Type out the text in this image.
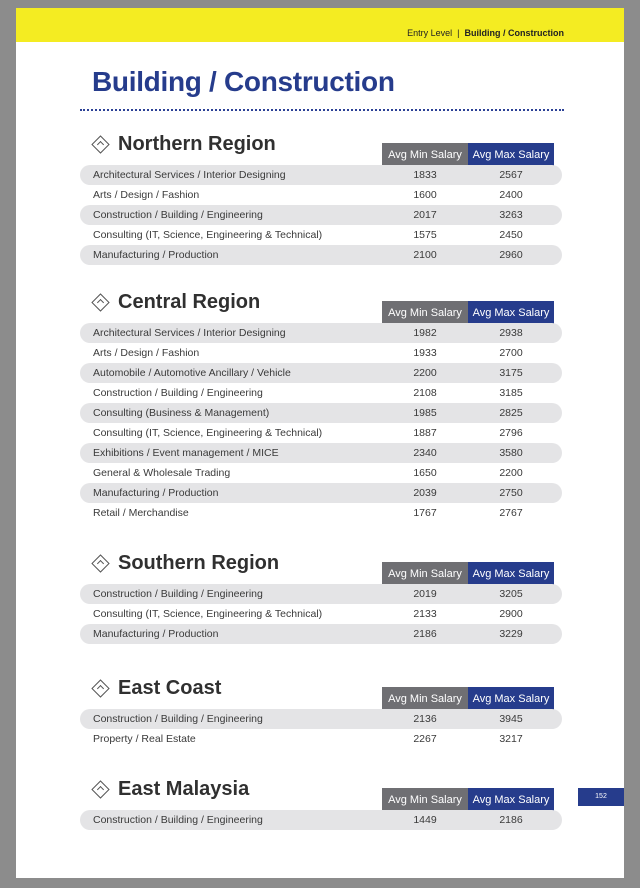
Entry Level | Building / Construction
Building / Construction
Northern Region	Avg Min Salary Avg Max Salary
Architectural Services / Interior Designing	1833	2567
Arts / Design / Fashion	1600	2400
Construction / Building / Engineering	2017	3263
Consulting (IT, Science, Engineering & Technical)	1575	2450
Manufacturing / Production	2100	2960
Central Region	Avg Min Salary Avg Max Salary
Architectural Services / Interior Designing	1982	2938
Arts / Design / Fashion	1933	2700
Automobile / Automotive Ancillary / Vehicle	2200	3175
Construction / Building / Engineering	2108	3185
Consulting (Business & Management)	1985	2825
Consulting (IT, Science, Engineering & Technical)	1887	2796
Exhibitions / Event management / MICE	2340	3580
General & Wholesale Trading	1650	2200
Manufacturing / Production	2039	2750
Retail / Merchandise	1767	2767
Southern Region	Avg Min Salary Avg Max Salary
Construction / Building / Engineering	2019	3205
Consulting (IT, Science, Engineering & Technical)	2133	2900
Manufacturing / Production	2186	3229
East Coast	Avg Min Salary Avg Max Salary
Construction / Building / Engineering	2136	3945
Property / Real Estate	2267	3217
East Malaysia	Avg Min Salary Avg Max Salary
Construction / Building / Engineering	1449	2186
152
